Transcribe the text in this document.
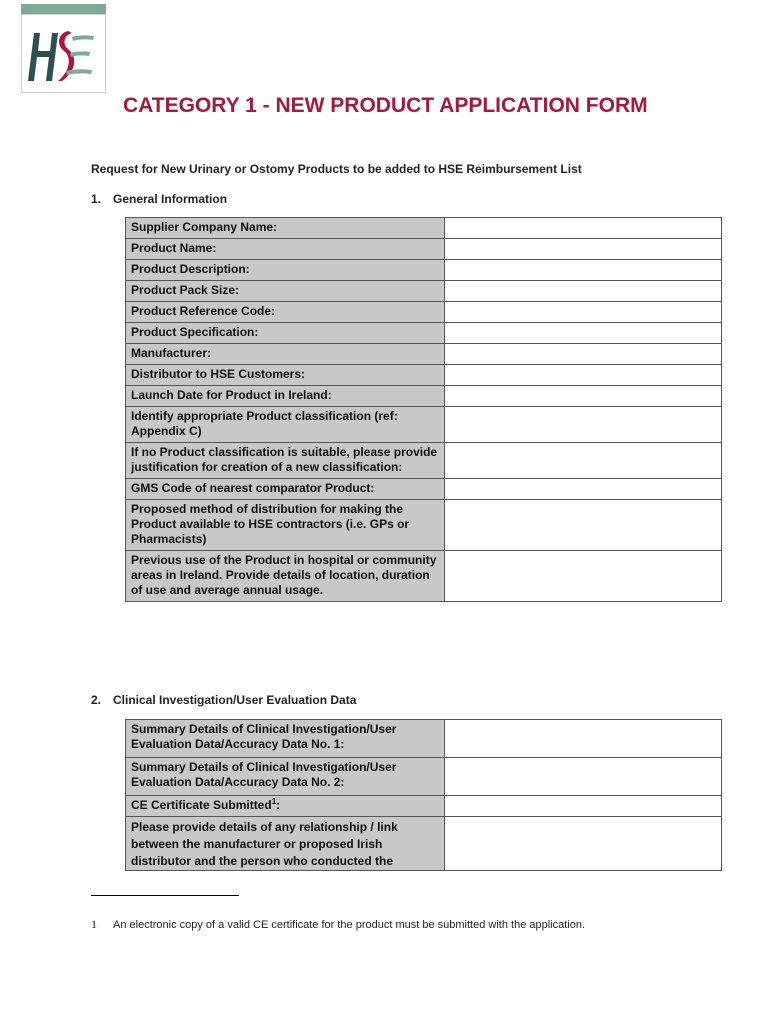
CATEGORY 1 - NEW PRODUCT APPLICATION FORM
Request for New Urinary or Ostomy Products to be added to HSE Reimbursement List
1. General Information
Supplier Company Name:	
Product Name:	
Product Description:	
Product Pack Size:	
Product Reference Code:	
Product Specification:	
Manufacturer:	
Distributor to HSE Customers:	
Launch Date for Product in Ireland:	
Identify appropriate Product classification (ref: Appendix C)	
If no Product classification is suitable, please provide justification for creation of a new classification:	
GMS Code of nearest comparator Product:	
Proposed method of distribution for making the Product available to HSE contractors (i.e. GPs or Pharmacists)	
Previous use of the Product in hospital or community areas in Ireland. Provide details of location, duration of use and average annual usage.	
2. Clinical Investigation/User Evaluation Data
Summary Details of Clinical Investigation/User Evaluation Data/Accuracy Data No. 1:	
Summary Details of Clinical Investigation/User Evaluation Data/Accuracy Data No. 2:	
CE Certificate Submitted$^1$:	
Please provide details of any relationship / link between the manufacturer or proposed Irish distributor and the person who conducted the	
1 An electronic copy of a valid CE certificate for the product must be submitted with the application.
